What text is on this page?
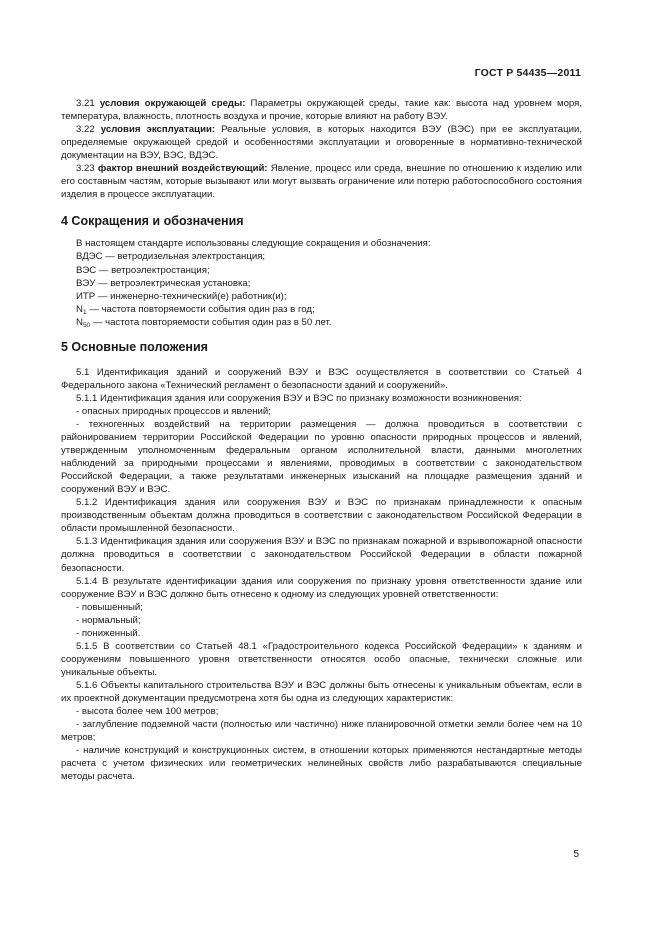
ГОСТ Р 54435—2011

3.21 условия окружающей среды: Параметры окружающей среды, такие как: высота над уровнем моря, температура, влажность, плотность воздуха и прочие, которые влияют на работу ВЭУ.

3.22 условия эксплуатации: Реальные условия, в которых находится ВЭУ (ВЭС) при ее эксплуатации, определяемые окружающей средой и особенностями эксплуатации и оговоренные в нормативно-технической документации на ВЭУ, ВЭС, ВДЭС.

3.23 фактор внешний воздействующий: Явление, процесс или среда, внешние по отношению к изделию или его составным частям, которые вызывают или могут вызвать ограничение или потерю работоспособного состояния изделия в процессе эксплуатации.

4 Сокращения и обозначения

В настоящем стандарте использованы следующие сокращения и обозначения:

ВДЭС — ветродизельная электростанция;

ВЭС — ветроэлектростанция;

ВЭУ — ветроэлектрическая установка;

ИТР — инженерно-технический(е) работник(и);

$N_1$ — частота повторяемости события один раз в год;

$N_{50}$ — частота повторяемости события один раз в 50 лет.

5 Основные положения

5.1 Идентификация зданий и сооружений ВЭУ и ВЭС осуществляется в соответствии со Статьей 4 Федерального закона «Технический регламент о безопасности зданий и сооружений».

5.1.1 Идентификация здания или сооружения ВЭУ и ВЭС по признаку возможности возникновения:

- опасных природных процессов и явлений;

- техногенных воздействий на территории размещения — должна проводиться в соответствии с районированием территории Российской Федерации по уровню опасности природных процессов и явлений, утвержденным уполномоченным федеральным органом исполнительной власти, данными многолетних наблюдений за природными процессами и явлениями, проводимых в соответствии с законодательством Российской Федерации, а также результатами инженерных изысканий на площадке размещения зданий и сооружений ВЭУ и ВЭС.

5.1.2 Идентификация здания или сооружения ВЭУ и ВЭС по признакам принадлежности к опасным производственным объектам должна проводиться в соответствии с законодательством Российской Федерации в области промышленной безопасности.

5.1.3 Идентификация здания или сооружения ВЭУ и ВЭС по признакам пожарной и взрывопожарной опасности должна проводиться в соответствии с законодательством Российской Федерации в области пожарной безопасности.

5.1.4 В результате идентификации здания или сооружения по признаку уровня ответственности здание или сооружение ВЭУ и ВЭС должно быть отнесено к одному из следующих уровней ответственности:

- повышенный;

- нормальный;

- пониженный.

5.1.5 В соответствии со Статьей 48.1 «Градостроительного кодекса Российской Федерации» к зданиям и сооружениям повышенного уровня ответственности относятся особо опасные, технически сложные или уникальные объекты.

5.1.6 Объекты капитального строительства ВЭУ и ВЭС должны быть отнесены к уникальным объектам, если в их проектной документации предусмотрена хотя бы одна из следующих характеристик:

- высота более чем 100 метров;

- заглубление подземной части (полностью или частично) ниже планировочной отметки земли более чем на 10 метров;

- наличие конструкций и конструкционных систем, в отношении которых применяются нестандартные методы расчета с учетом физических или геометрических нелинейных свойств либо разрабатываются специальные методы расчета.

5
